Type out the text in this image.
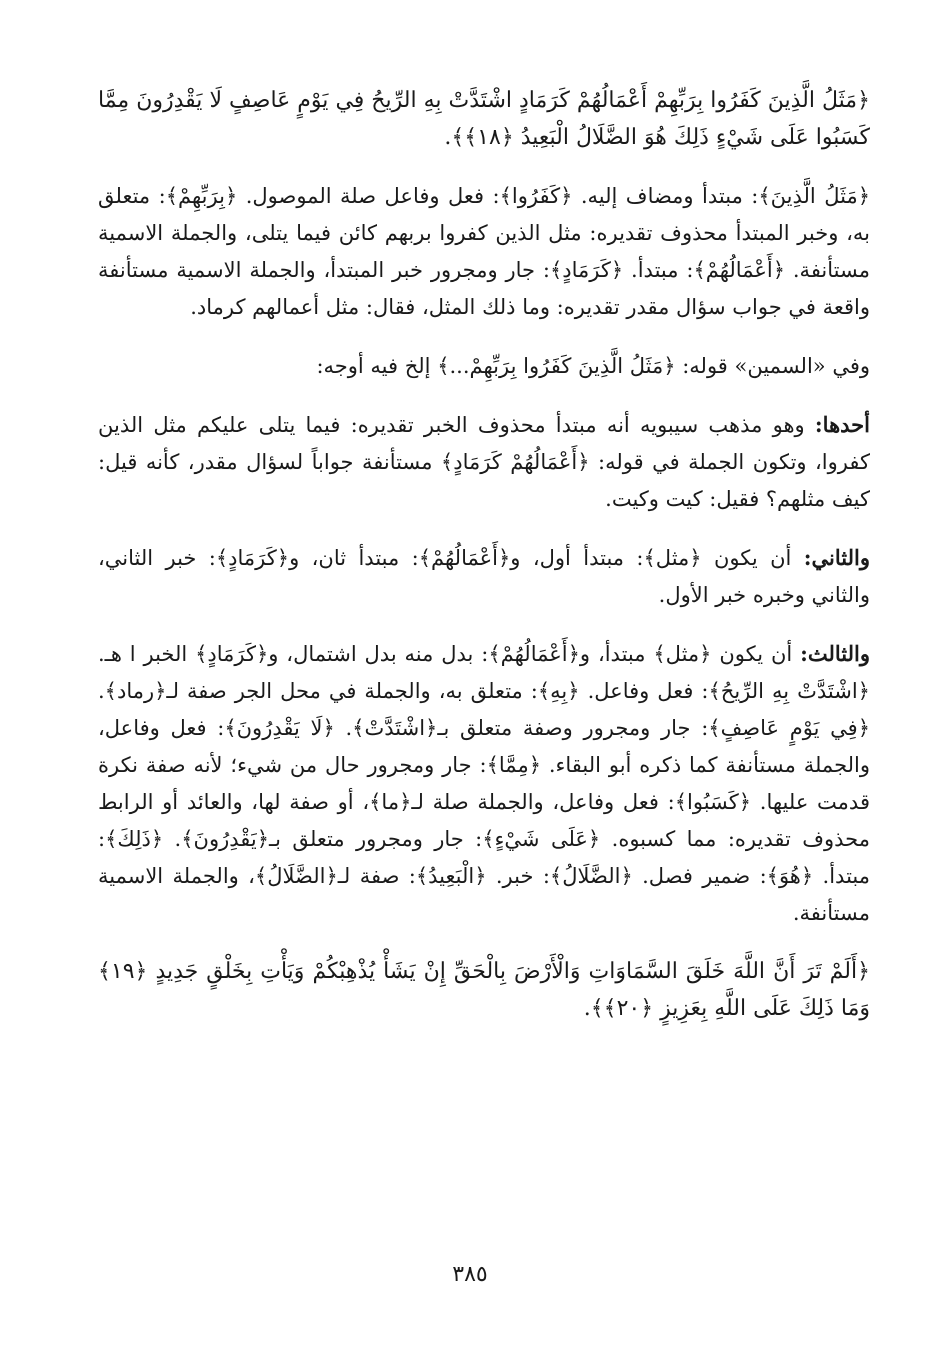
﴿مَثَلُ الَّذِينَ كَفَرُوا بِرَبِّهِمْ أَعْمَالُهُمْ كَرَمَادٍ اشْتَدَّتْ بِهِ الرِّيحُ فِي يَوْمٍ عَاصِفٍ لَا يَقْدِرُونَ مِمَّا كَسَبُوا عَلَى شَيْءٍ ذَلِكَ هُوَ الضَّلَالُ الْبَعِيدُ ﴿١٨﴾﴾.

﴿مَثَلُ الَّذِينَ﴾: مبتدأ ومضاف إليه. ﴿كَفَرُوا﴾: فعل وفاعل صلة الموصول. ﴿بِرَبِّهِمْ﴾: متعلق به، وخبر المبتدأ محذوف تقديره: مثل الذين كفروا بربهم كائن فيما يتلى، والجملة الاسمية مستأنفة. ﴿أَعْمَالُهُمْ﴾: مبتدأ. ﴿كَرَمَادٍ﴾: جار ومجرور خبر المبتدأ، والجملة الاسمية مستأنفة واقعة في جواب سؤال مقدر تقديره: وما ذلك المثل، فقال: مثل أعمالهم كرماد.

وفي «السمين» قوله: ﴿مَثَلُ الَّذِينَ كَفَرُوا بِرَبِّهِمْ...﴾ إلخ فيه أوجه:

أحدها: وهو مذهب سيبويه أنه مبتدأ محذوف الخبر تقديره: فيما يتلى عليكم مثل الذين كفروا، وتكون الجملة في قوله: ﴿أَعْمَالُهُمْ كَرَمَادٍ﴾ مستأنفة جواباً لسؤال مقدر، كأنه قيل: كيف مثلهم؟ فقيل: كيت وكيت.

والثاني: أن يكون ﴿مثل﴾: مبتدأ أول، و﴿أَعْمَالُهُمْ﴾: مبتدأ ثان، و﴿كَرَمَادٍ﴾: خبر الثاني، والثاني وخبره خبر الأول.

والثالث: أن يكون ﴿مثل﴾ مبتدأ، و﴿أَعْمَالُهُمْ﴾: بدل منه بدل اشتمال، و﴿كَرَمَادٍ﴾ الخبر ا هـ. ﴿اشْتَدَّتْ بِهِ الرِّيحُ﴾: فعل وفاعل. ﴿بِهِ﴾: متعلق به، والجملة في محل الجر صفة لـ﴿رماد﴾. ﴿فِي يَوْمٍ عَاصِفٍ﴾: جار ومجرور وصفة متعلق بـ﴿اشْتَدَّتْ﴾. ﴿لَا يَقْدِرُونَ﴾: فعل وفاعل، والجملة مستأنفة كما ذكره أبو البقاء. ﴿مِمَّا﴾: جار ومجرور حال من شيء؛ لأنه صفة نكرة قدمت عليها. ﴿كَسَبُوا﴾: فعل وفاعل، والجملة صلة لـ﴿ما﴾، أو صفة لها، والعائد أو الرابط محذوف تقديره: مما كسبوه. ﴿عَلَى شَيْءٍ﴾: جار ومجرور متعلق بـ﴿يَقْدِرُونَ﴾. ﴿ذَلِكَ﴾: مبتدأ. ﴿هُوَ﴾: ضمير فصل. ﴿الضَّلَالُ﴾: خبر. ﴿الْبَعِيدُ﴾: صفة لـ﴿الضَّلَالُ﴾، والجملة الاسمية مستأنفة.

﴿أَلَمْ تَرَ أَنَّ اللَّهَ خَلَقَ السَّمَاوَاتِ وَالْأَرْضَ بِالْحَقِّ إِنْ يَشَأْ يُذْهِبْكُمْ وَيَأْتِ بِخَلْقٍ جَدِيدٍ ﴿١٩﴾ وَمَا ذَلِكَ عَلَى اللَّهِ بِعَزِيزٍ ﴿٢٠﴾﴾.

٣٨٥
